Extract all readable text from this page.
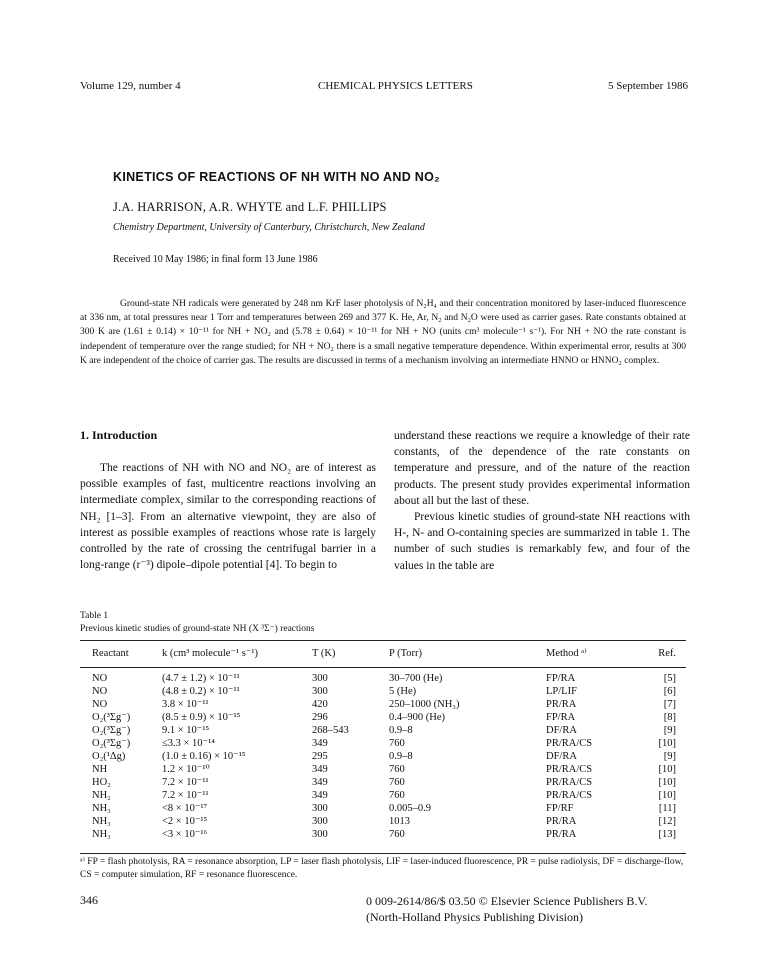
Volume 129, number 4	CHEMICAL PHYSICS LETTERS	5 September 1986
KINETICS OF REACTIONS OF NH WITH NO AND NO₂
J.A. HARRISON, A.R. WHYTE and L.F. PHILLIPS
Chemistry Department, University of Canterbury, Christchurch, New Zealand
Received 10 May 1986; in final form 13 June 1986
Ground-state NH radicals were generated by 248 nm KrF laser photolysis of N₂H₄ and their concentration monitored by laser-induced fluorescence at 336 nm, at total pressures near 1 Torr and temperatures between 269 and 377 K. He, Ar, N₂ and N₂O were used as carrier gases. Rate constants obtained at 300 K are (1.61 ± 0.14) × 10⁻¹¹ for NH + NO₂ and (5.78 ± 0.64) × 10⁻¹¹ for NH + NO (units cm³ molecule⁻¹ s⁻¹). For NH + NO the rate constant is independent of temperature over the range studied; for NH + NO₂ there is a small negative temperature dependence. Within experimental error, results at 300 K are independent of the choice of carrier gas. The results are discussed in terms of a mechanism involving an intermediate HNNO or HNNO₂ complex.
1. Introduction

The reactions of NH with NO and NO₂ are of interest as possible examples of fast, multicentre reactions involving an intermediate complex, similar to the corresponding reactions of NH₂ [1–3]. From an alternative viewpoint, they are also of interest as possible examples of reactions whose rate is largely controlled by the rate of crossing the centrifugal barrier in a long-range (r⁻³) dipole–dipole potential [4]. To begin to

understand these reactions we require a knowledge of their rate constants, of the dependence of the rate constants on temperature and pressure, and of the nature of the reaction products. The present study provides experimental information about all but the last of these.

Previous kinetic studies of ground-state NH reactions with H-, N- and O-containing species are summarized in table 1. The number of such studies is remarkably few, and four of the values in the table are

Table 1
Previous kinetic studies of ground-state NH (X ³Σ⁻) reactions
Reactant	k (cm³ molecule⁻¹ s⁻¹)	T (K)	P (Torr)	Method ᵃ⁾	Ref.
NO	(4.7 ± 1.2) × 10⁻¹¹	300	30–700 (He)	FP/RA	[5]
NO	(4.8 ± 0.2) × 10⁻¹¹	300	5 (He)	LP/LIF	[6]
NO	3.8 × 10⁻¹¹	420	250–1000 (NH₃)	PR/RA	[7]
O₂(³Σg⁻)	(8.5 ± 0.9) × 10⁻¹⁵	296	0.4–900 (He)	FP/RA	[8]
O₂(³Σg⁻)	9.1 × 10⁻¹⁵	268–543	0.9–8	DF/RA	[9]
O₂(³Σg⁻)	≤3.3 × 10⁻¹⁴	349	760	PR/RA/CS	[10]
O₂(¹Δg)	(1.0 ± 0.16) × 10⁻¹⁵	295	0.9–8	DF/RA	[9]
NH	1.2 × 10⁻¹⁰	349	760	PR/RA/CS	[10]
HO₂	7.2 × 10⁻¹¹	349	760	PR/RA/CS	[10]
NH₂	7.2 × 10⁻¹¹	349	760	PR/RA/CS	[10]
NH₃	<8 × 10⁻¹⁷	300	0.005–0.9	FP/RF	[11]
NH₃	<2 × 10⁻¹⁵	300	1013	PR/RA	[12]
NH₃	<3 × 10⁻¹⁶	300	760	PR/RA	[13]
ᵃ⁾ FP = flash photolysis, RA = resonance absorption, LP = laser flash photolysis, LIF = laser-induced fluorescence, PR = pulse radiolysis, DF = discharge-flow, CS = computer simulation, RF = resonance fluorescence.
346	0 009-2614/86/$ 03.50 © Elsevier Science Publishers B.V.
(North-Holland Physics Publishing Division)
